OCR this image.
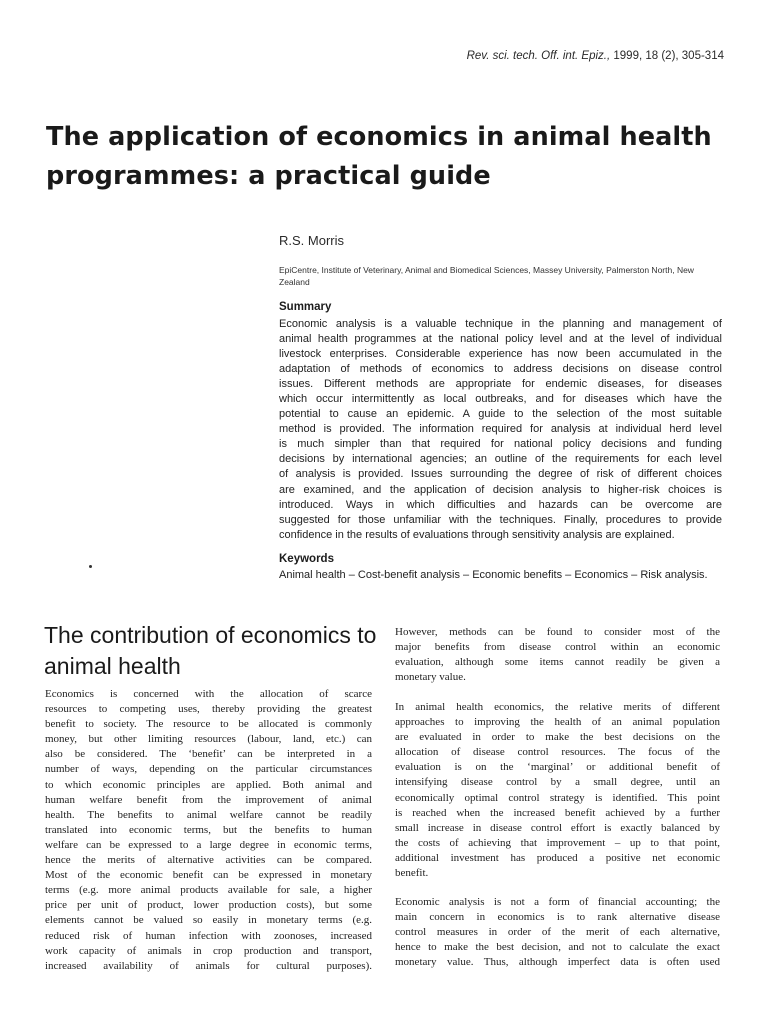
Rev. sci. tech. Off. int. Epiz., 1999, 18 (2), 305-314
The application of economics in animal health
programmes: a practical guide
R.S. Morris
EpiCentre, Institute of Veterinary, Animal and Biomedical Sciences, Massey University, Palmerston North, New Zealand
Summary

Economic analysis is a valuable technique in the planning and management of
animal health programmes at the national policy level and at the level of individual
livestock enterprises. Considerable experience has now been accumulated in the
adaptation of methods of economics to address decisions on disease control
issues. Different methods are appropriate for endemic diseases, for diseases
which occur intermittently as local outbreaks, and for diseases which have the
potential to cause an epidemic. A guide to the selection of the most suitable
method is provided. The information required for analysis at individual herd level
is much simpler than that required for national policy decisions and funding
decisions by international agencies; an outline of the requirements for each level
of analysis is provided. Issues surrounding the degree of risk of different choices
are examined, and the application of decision analysis to higher-risk choices is
introduced. Ways in which difficulties and hazards can be overcome are
suggested for those unfamiliar with the techniques. Finally, procedures to provide
confidence in the results of evaluations through sensitivity analysis are explained.

Keywords
Animal health – Cost-benefit analysis – Economic benefits – Economics – Risk analysis.
The contribution of economics to
animal health

Economics is concerned with the allocation of scarce
resources to competing uses, thereby providing the greatest
benefit to society. The resource to be allocated is commonly
money, but other limiting resources (labour, land, etc.) can
also be considered. The ‘benefit’ can be interpreted in a
number of ways, depending on the particular circumstances
to which economic principles are applied. Both animal and
human welfare benefit from the improvement of animal
health. The benefits to animal welfare cannot be readily
translated into economic terms, but the benefits to human
welfare can be expressed to a large degree in economic terms,
hence the merits of alternative activities can be compared.
Most of the economic benefit can be expressed in monetary
terms (e.g. more animal products available for sale, a higher
price per unit of product, lower production costs), but some
elements cannot be valued so easily in monetary terms (e.g.
reduced risk of human infection with zoonoses, increased
work capacity of animals in crop production and transport,
increased availability of animals for cultural purposes).

However, methods can be found to consider most of the
major benefits from disease control within an economic
evaluation, although some items cannot readily be given a
monetary value.

In animal health economics, the relative merits of different
approaches to improving the health of an animal population
are evaluated in order to make the best decisions on the
allocation of disease control resources. The focus of the
evaluation is on the ‘marginal’ or additional benefit of
intensifying disease control by a small degree, until an
economically optimal control strategy is identified. This point
is reached when the increased benefit achieved by a further
small increase in disease control effort is exactly balanced by
the costs of achieving that improvement – up to that point,
additional investment has produced a positive net economic
benefit.

Economic analysis is not a form of financial accounting; the
main concern in economics is to rank alternative disease
control measures in order of the merit of each alternative,
hence to make the best decision, and not to calculate the exact
monetary value. Thus, although imperfect data is often used
